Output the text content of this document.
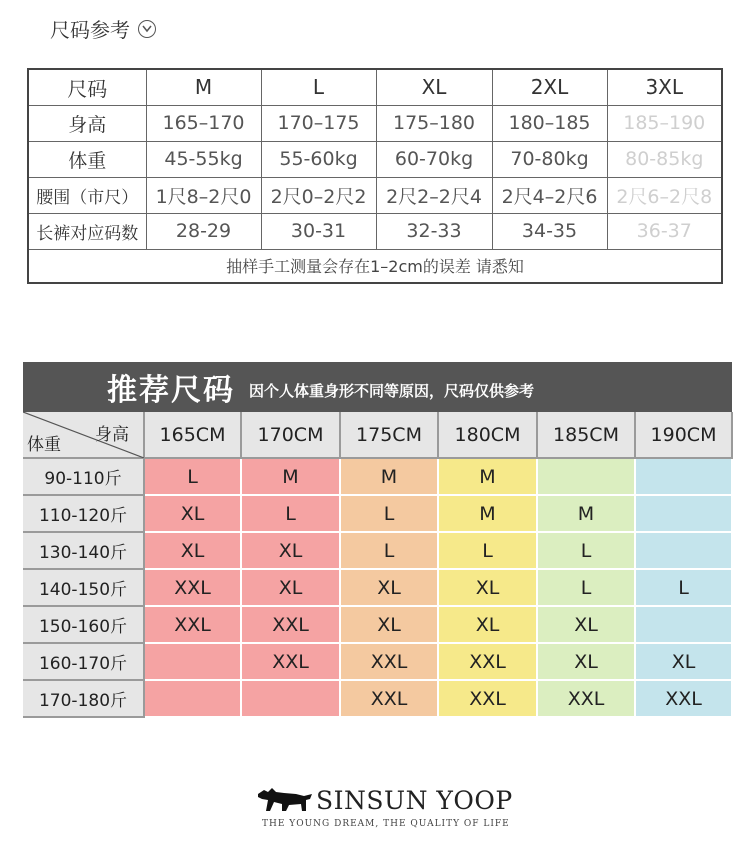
尺码参考
尺码	M	L	XL	2XL	3XL
身高	165–170	170–175	175–180	180–185	185–190
体重	45-55kg	55-60kg	60-70kg	70-80kg	80-85kg
腰围（市尺）	1尺8–2尺0	2尺0–2尺2	2尺2–2尺4	2尺4–2尺6	2尺6–2尺8
长裤对应码数	28-29	30-31	32-33	34-35	36-37
抽样手工测量会存在1–2cm的误差 请悉知					
推荐尺码 因个人体重身形不同等原因，尺码仅供参考
身高
体重	165CM	170CM	175CM	180CM	185CM	190CM
90-110斤	L	M	M	M		
110-120斤	XL	L	L	M	M	
130-140斤	XL	XL	L	L	L	
140-150斤	XXL	XL	XL	XL	L	L
150-160斤	XXL	XXL	XL	XL	XL	
160-170斤		XXL	XXL	XXL	XL	XL
170-180斤			XXL	XXL	XXL	XXL
SINSUN YOOP
THE YOUNG DREAM, THE QUALITY OF LIFE
